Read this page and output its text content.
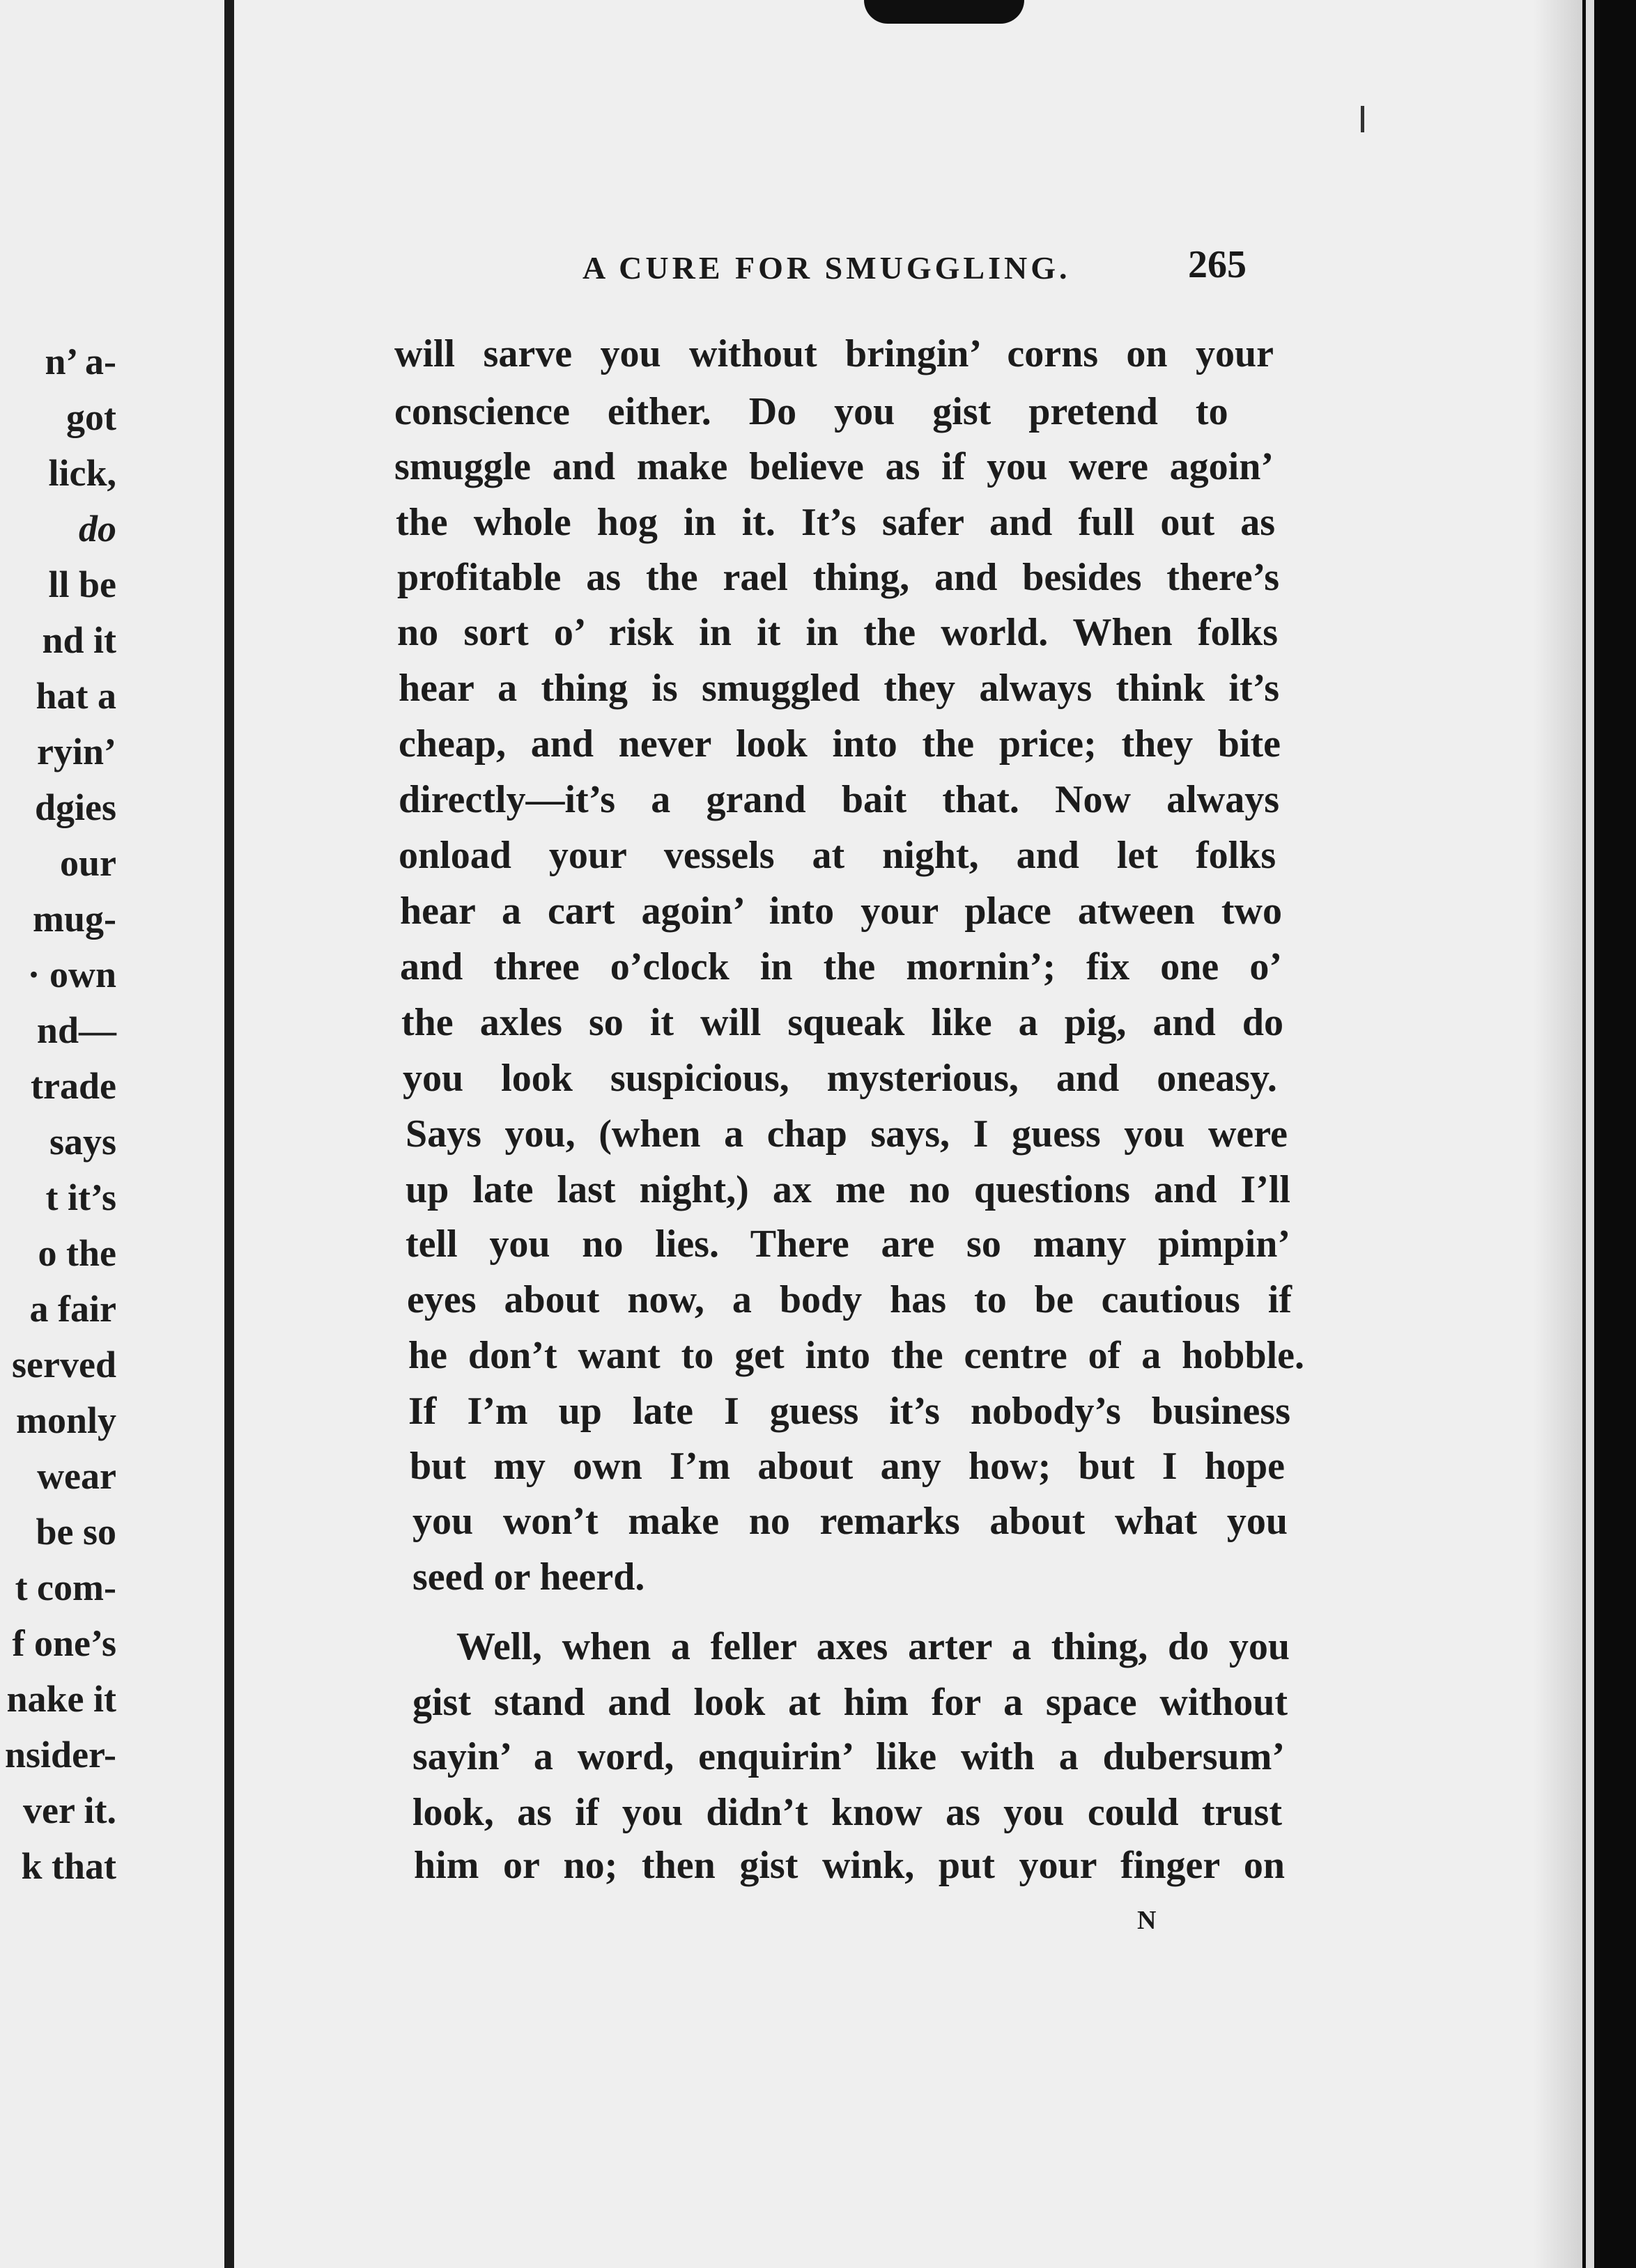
n’ a-
got
lick,
do
ll be
nd it
hat a
ryin’
dgies
our
mug-
· own
nd—
trade
says
t it’s
o the
a fair
served
monly
wear
be so
t com-
f one’s
nake it
nsider-
ver it.
k that
A CURE FOR SMUGGLING.	265
will sarve you without bringin’ corns on your
conscience either. Do you gist pretend to
smuggle and make believe as if you were agoin’
the whole hog in it. It’s safer and full out as
profitable as the rael thing, and besides there’s
no sort o’ risk in it in the world. When folks
hear a thing is smuggled they always think it’s
cheap, and never look into the price; they bite
directly—it’s a grand bait that. Now always
onload your vessels at night, and let folks
hear a cart agoin’ into your place atween two
and three o’clock in the mornin’; fix one o’
the axles so it will squeak like a pig, and do
you look suspicious, mysterious, and oneasy.
Says you, (when a chap says, I guess you were
up late last night,) ax me no questions and I’ll
tell you no lies. There are so many pimpin’
eyes about now, a body has to be cautious if
he don’t want to get into the centre of a hobble.
If I’m up late I guess it’s nobody’s business
but my own I’m about any how; but I hope
you won’t make no remarks about what you
seed or heerd.
Well, when a feller axes arter a thing, do you
gist stand and look at him for a space without
sayin’ a word, enquirin’ like with a dubersum’
look, as if you didn’t know as you could trust
him or no; then gist wink, put your finger on
N
